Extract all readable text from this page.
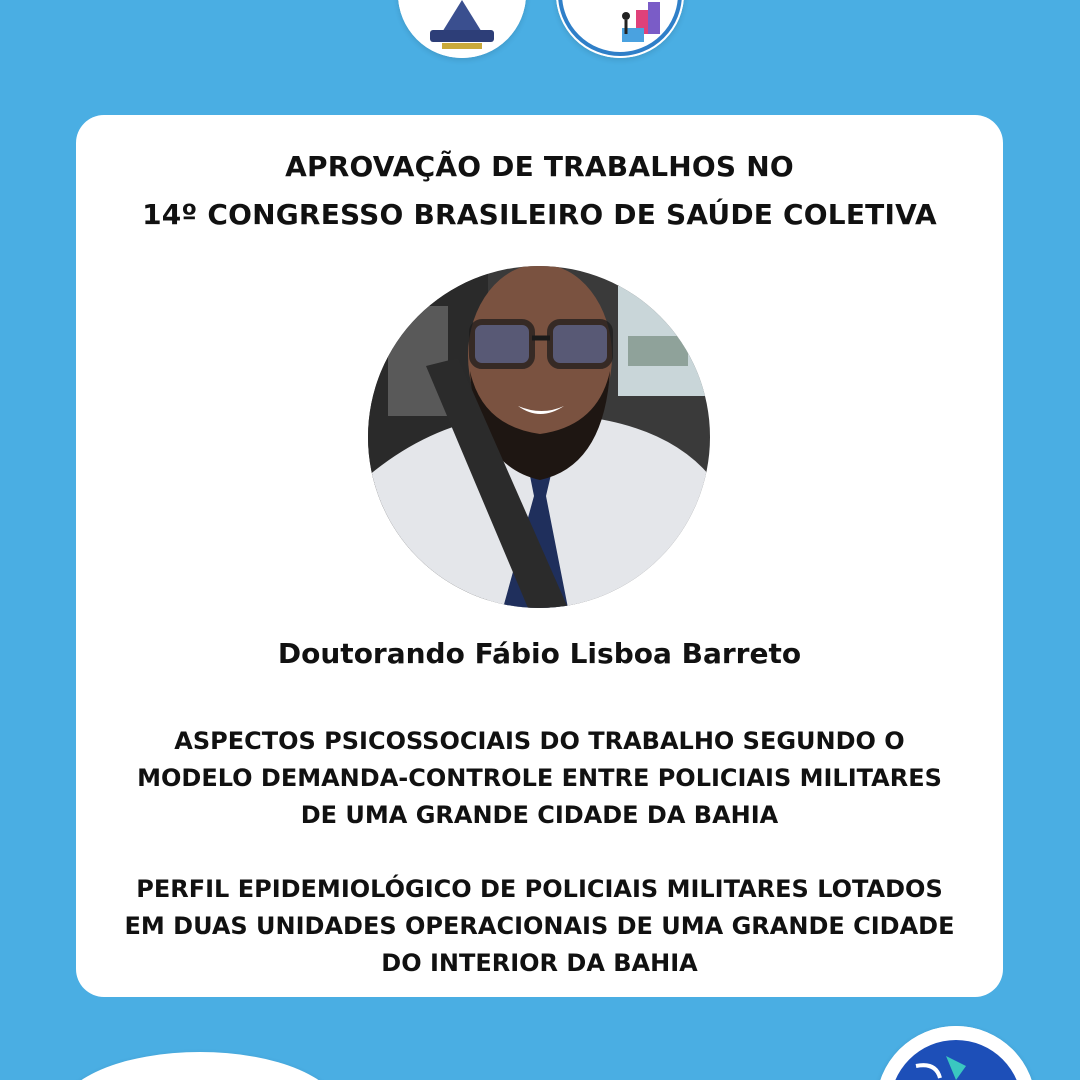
APROVAÇÃO DE TRABALHOS NO
14º CONGRESSO BRASILEIRO DE SAÚDE COLETIVA
Doutorando Fábio Lisboa Barreto
ASPECTOS PSICOSSOCIAIS DO TRABALHO SEGUNDO O
MODELO DEMANDA-CONTROLE ENTRE POLICIAIS MILITARES
DE UMA GRANDE CIDADE DA BAHIA
PERFIL EPIDEMIOLÓGICO DE POLICIAIS MILITARES LOTADOS
EM DUAS UNIDADES OPERACIONAIS DE UMA GRANDE CIDADE
DO INTERIOR DA BAHIA
